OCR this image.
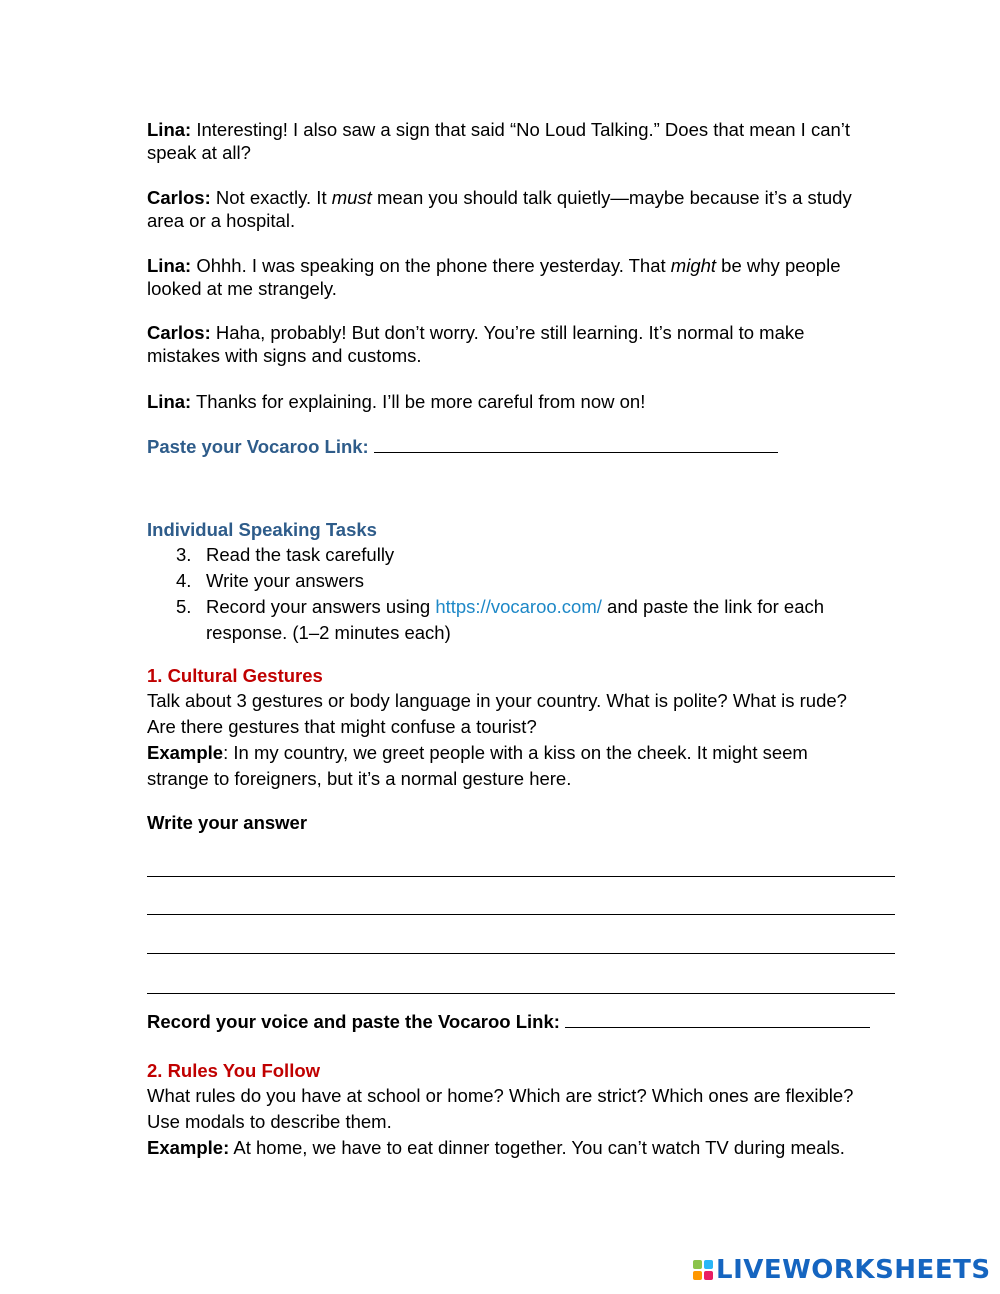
Lina: Interesting! I also saw a sign that said “No Loud Talking.” Does that mean I can’t
speak at all?

Carlos: Not exactly. It must mean you should talk quietly—maybe because it’s a study
area or a hospital.

Lina: Ohhh. I was speaking on the phone there yesterday. That might be why people
looked at me strangely.

Carlos: Haha, probably! But don’t worry. You’re still learning. It’s normal to make
mistakes with signs and customs.

Lina: Thanks for explaining. I’ll be more careful from now on!

Paste your Vocaroo Link:

Individual Speaking Tasks

3. Read the task carefully
4. Write your answers
5. Record your answers using https://vocaroo.com/ and paste the link for each
response. (1–2 minutes each)

1. Cultural Gestures

Talk about 3 gestures or body language in your country. What is polite? What is rude?
Are there gestures that might confuse a tourist?
Example: In my country, we greet people with a kiss on the cheek. It might seem
strange to foreigners, but it’s a normal gesture here.

Write your answer

Record your voice and paste the Vocaroo Link:

2. Rules You Follow

What rules do you have at school or home? Which are strict? Which ones are flexible?
Use modals to describe them.
Example: At home, we have to eat dinner together. You can’t watch TV during meals.

LIVEWORKSHEETS
